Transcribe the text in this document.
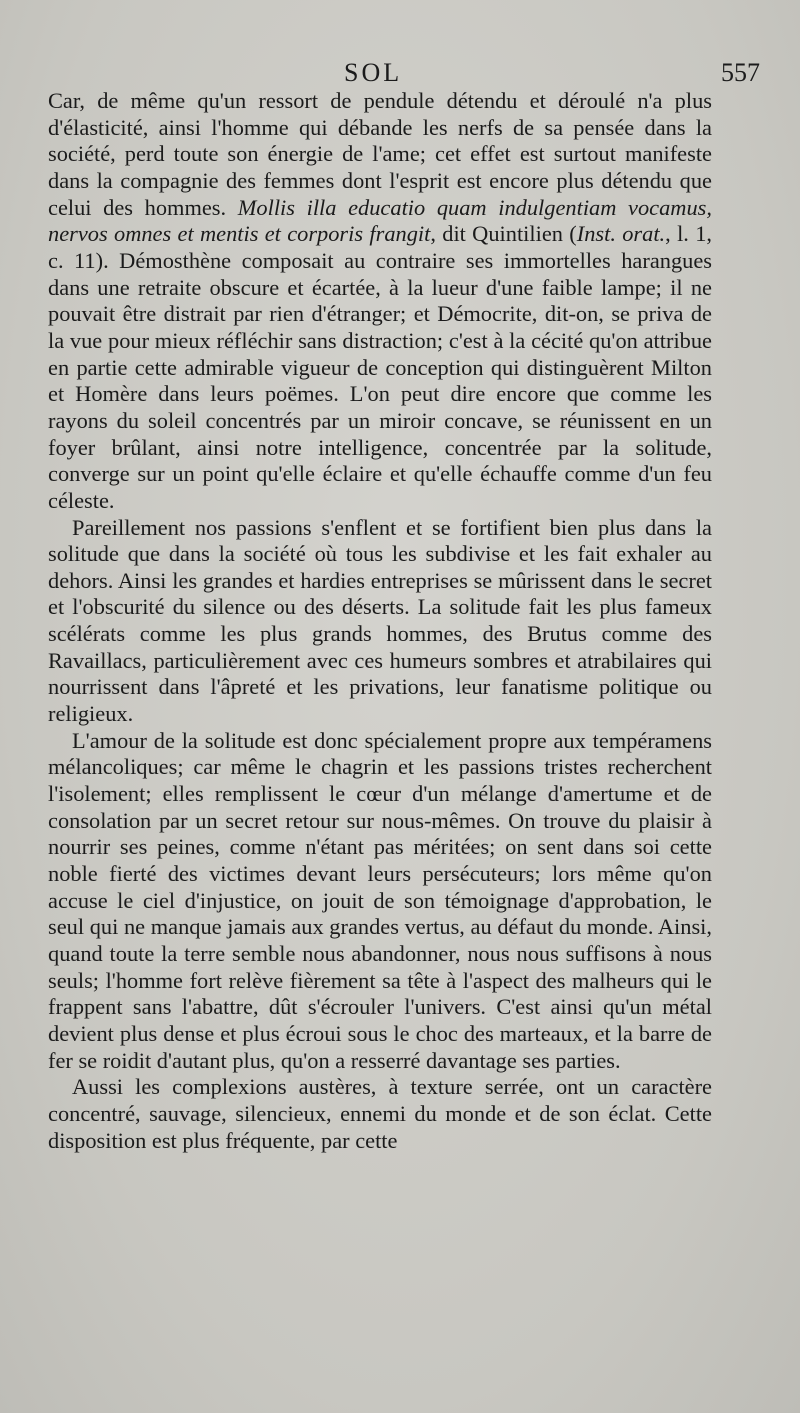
SOL	557

Car, de même qu'un ressort de pendule détendu et déroulé n'a plus d'élasticité, ainsi l'homme qui débande les nerfs de sa pensée dans la société, perd toute son énergie de l'ame; cet effet est surtout manifeste dans la compagnie des femmes dont l'esprit est encore plus détendu que celui des hommes. Mollis illa educatio quam indulgentiam vocamus, nervos omnes et mentis et corporis frangit, dit Quintilien (Inst. orat., l. 1, c. 11). Démosthène composait au contraire ses immortelles harangues dans une retraite obscure et écartée, à la lueur d'une faible lampe; il ne pouvait être distrait par rien d'étranger; et Démocrite, dit-on, se priva de la vue pour mieux réfléchir sans distraction; c'est à la cécité qu'on attribue en partie cette admirable vigueur de conception qui distinguèrent Milton et Homère dans leurs poëmes. L'on peut dire encore que comme les rayons du soleil concentrés par un miroir concave, se réunissent en un foyer brûlant, ainsi notre intelligence, concentrée par la solitude, converge sur un point qu'elle éclaire et qu'elle échauffe comme d'un feu céleste.

Pareillement nos passions s'enflent et se fortifient bien plus dans la solitude que dans la société où tous les subdivise et les fait exhaler au dehors. Ainsi les grandes et hardies entreprises se mûrissent dans le secret et l'obscurité du silence ou des déserts. La solitude fait les plus fameux scélérats comme les plus grands hommes, des Brutus comme des Ravaillacs, particulièrement avec ces humeurs sombres et atrabilaires qui nourrissent dans l'âpreté et les privations, leur fanatisme politique ou religieux.

L'amour de la solitude est donc spécialement propre aux tempéramens mélancoliques; car même le chagrin et les passions tristes recherchent l'isolement; elles remplissent le cœur d'un mélange d'amertume et de consolation par un secret retour sur nous-mêmes. On trouve du plaisir à nourrir ses peines, comme n'étant pas méritées; on sent dans soi cette noble fierté des victimes devant leurs persécuteurs; lors même qu'on accuse le ciel d'injustice, on jouit de son témoignage d'approbation, le seul qui ne manque jamais aux grandes vertus, au défaut du monde. Ainsi, quand toute la terre semble nous abandonner, nous nous suffisons à nous seuls; l'homme fort relève fièrement sa tête à l'aspect des malheurs qui le frappent sans l'abattre, dût s'écrouler l'univers. C'est ainsi qu'un métal devient plus dense et plus écroui sous le choc des marteaux, et la barre de fer se roidit d'autant plus, qu'on a resserré davantage ses parties.

Aussi les complexions austères, à texture serrée, ont un caractère concentré, sauvage, silencieux, ennemi du monde et de son éclat. Cette disposition est plus fréquente, par cette
